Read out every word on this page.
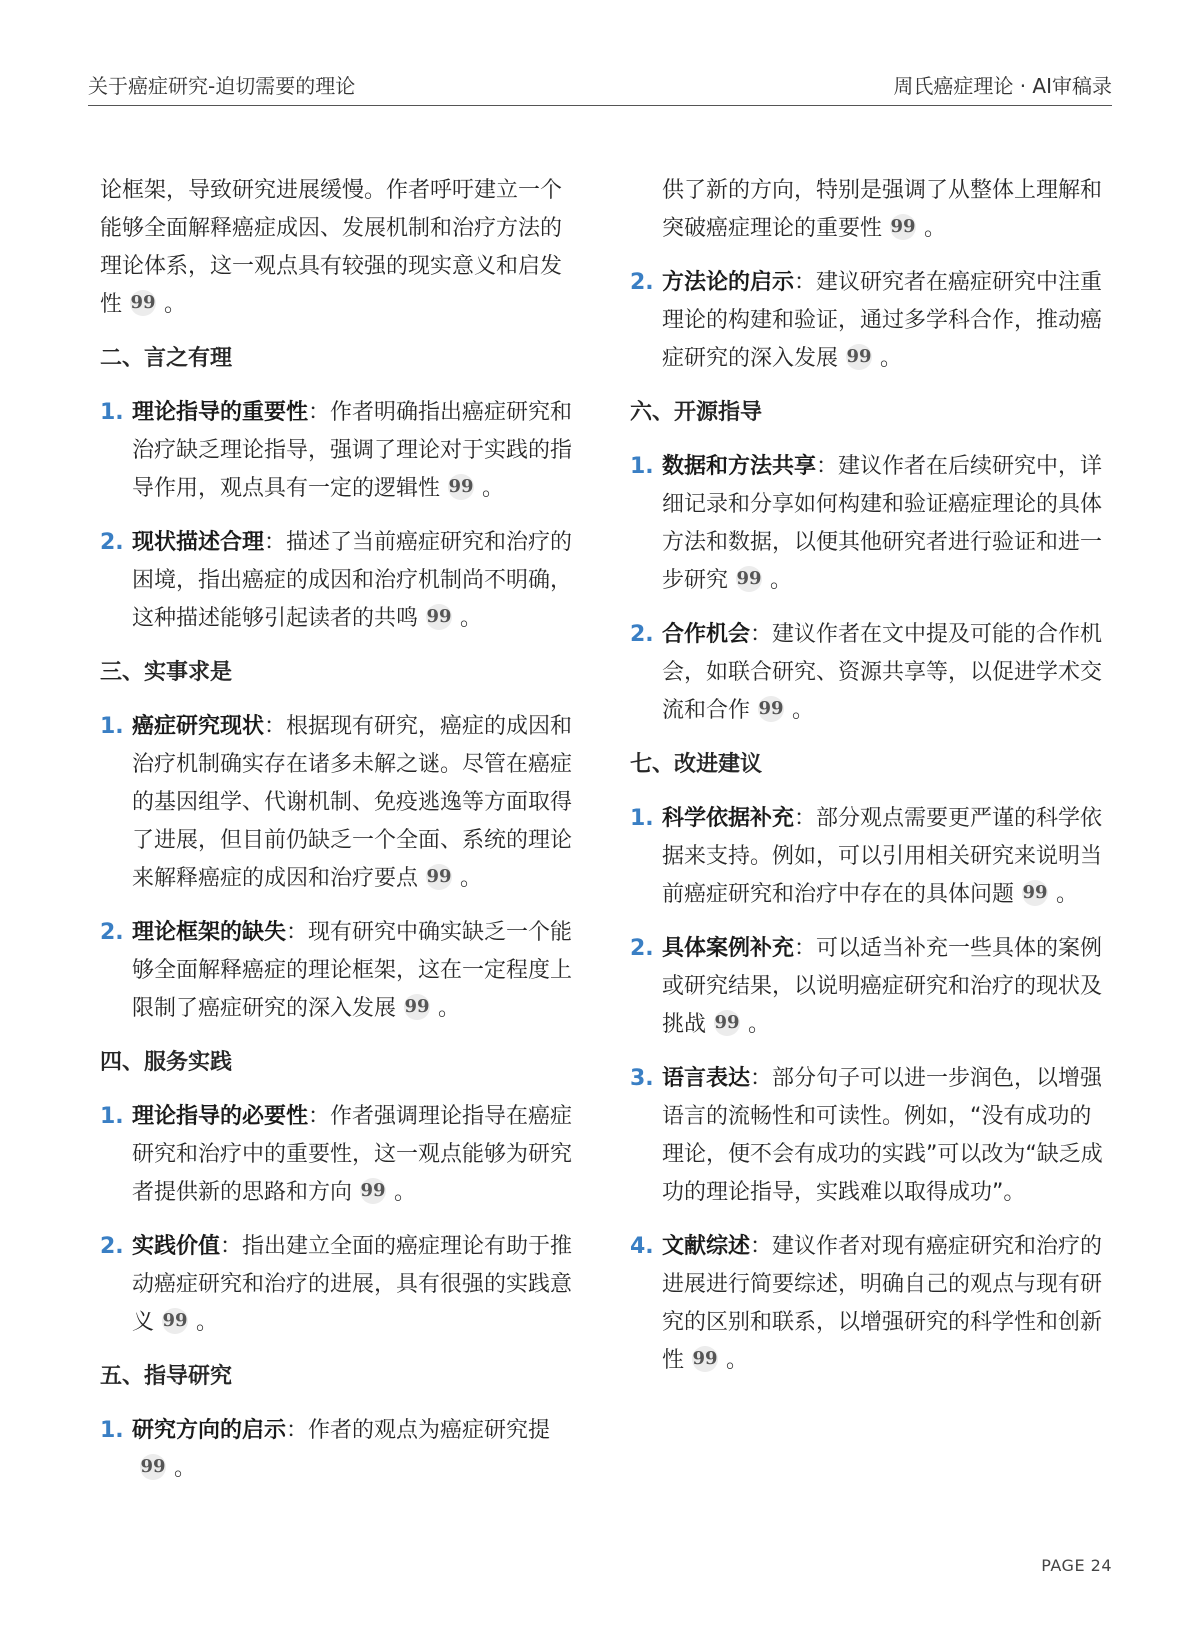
关于癌症研究-迫切需要的理论	周氏癌症理论 · AI审稿录

论框架，导致研究进展缓慢。作者呼吁建立一个能够全面解释癌症成因、发展机制和治疗方法的理论体系，这一观点具有较强的现实意义和启发性 99 。

二、言之有理
1. 理论指导的重要性：作者明确指出癌症研究和治疗缺乏理论指导，强调了理论对于实践的指导作用，观点具有一定的逻辑性 99 。
2. 现状描述合理：描述了当前癌症研究和治疗的困境，指出癌症的成因和治疗机制尚不明确，这种描述能够引起读者的共鸣 99 。
三、实事求是
1. 癌症研究现状：根据现有研究，癌症的成因和治疗机制确实存在诸多未解之谜。尽管在癌症的基因组学、代谢机制、免疫逃逸等方面取得了进展，但目前仍缺乏一个全面、系统的理论来解释癌症的成因和治疗要点 99 。
2. 理论框架的缺失：现有研究中确实缺乏一个能够全面解释癌症的理论框架，这在一定程度上限制了癌症研究的深入发展 99 。
四、服务实践
1. 理论指导的必要性：作者强调理论指导在癌症研究和治疗中的重要性，这一观点能够为研究者提供新的思路和方向 99 。
2. 实践价值：指出建立全面的癌症理论有助于推动癌症研究和治疗的进展，具有很强的实践意义 99 。
五、指导研究
1. 研究方向的启示：作者的观点为癌症研究提99 。
供了新的方向，特别是强调了从整体上理解和突破癌症理论的重要性 99 。
2. 方法论的启示：建议研究者在癌症研究中注重理论的构建和验证，通过多学科合作，推动癌症研究的深入发展 99 。
六、开源指导
1. 数据和方法共享：建议作者在后续研究中，详细记录和分享如何构建和验证癌症理论的具体方法和数据，以便其他研究者进行验证和进一步研究 99 。
2. 合作机会：建议作者在文中提及可能的合作机会，如联合研究、资源共享等，以促进学术交流和合作 99 。
七、改进建议
1. 科学依据补充：部分观点需要更严谨的科学依据来支持。例如，可以引用相关研究来说明当前癌症研究和治疗中存在的具体问题 99 。
2. 具体案例补充：可以适当补充一些具体的案例或研究结果，以说明癌症研究和治疗的现状及挑战 99 。
3. 语言表达：部分句子可以进一步润色，以增强语言的流畅性和可读性。例如，“没有成功的理论，便不会有成功的实践”可以改为“缺乏成功的理论指导，实践难以取得成功”。
4. 文献综述：建议作者对现有癌症研究和治疗的进展进行简要综述，明确自己的观点与现有研究的区别和联系，以增强研究的科学性和创新性 99 。
PAGE 24
